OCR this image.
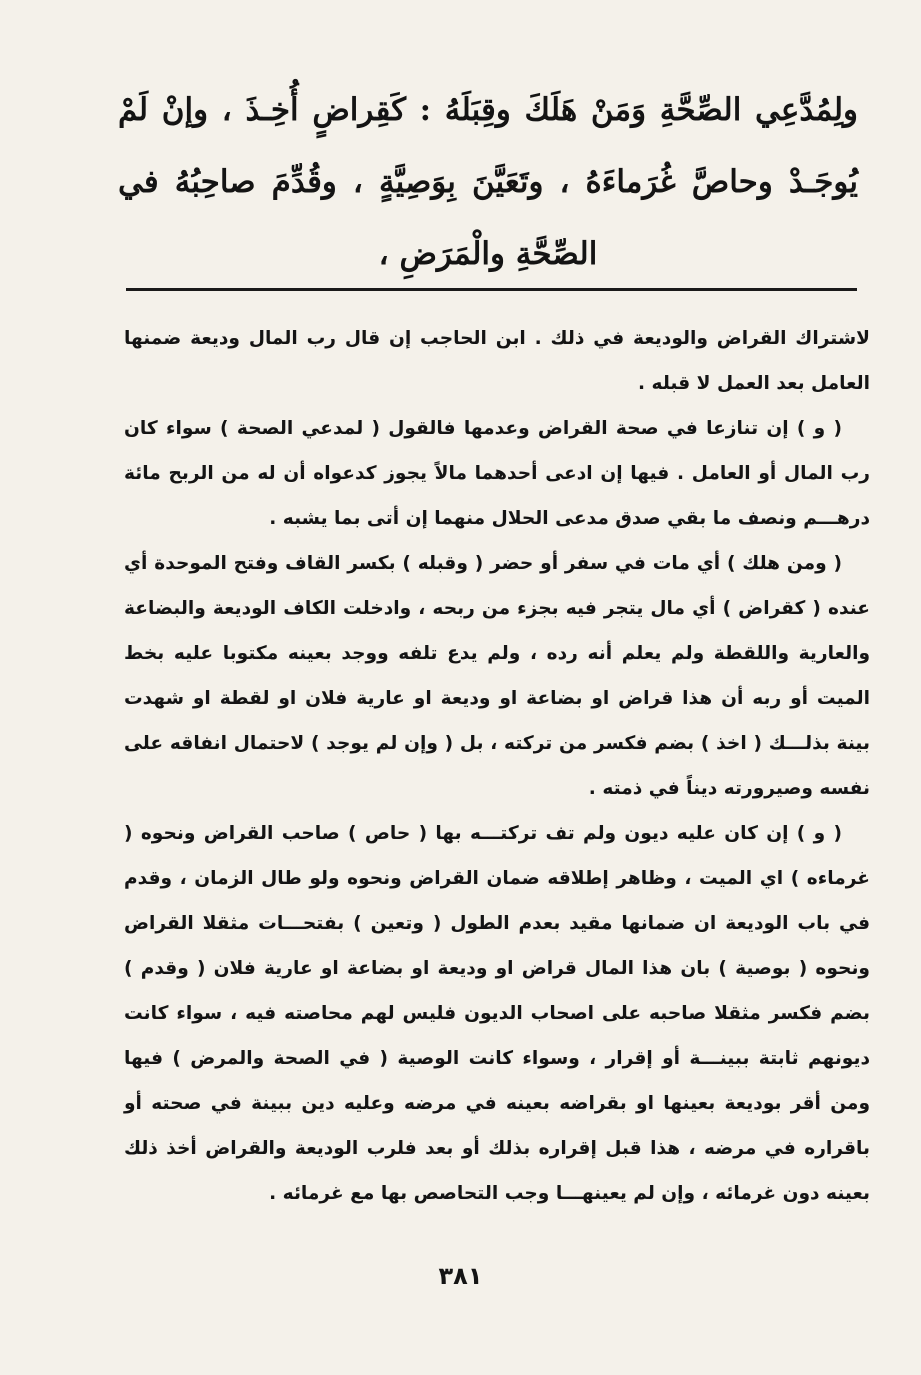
ولِمُدَّعِي الصِّحَّةِ وَمَنْ هَلَكَ وقِبَلَهُ : كَقِراضٍ أُخِـذَ ، وإنْ لَمْ يُوجَـدْ وحاصَّ غُرَماءَهُ ، وتَعَيَّنَ بِوَصِيَّةٍ ، وقُدِّمَ صاحِبُهُ في الصِّحَّةِ والْمَرَضِ ،

لاشتراك القراض والوديعة في ذلك . ابن الحاجب إن قال رب المال وديعة ضمنها العامل بعد العمل لا قبله .

( و ) إن تنازعا في صحة القراض وعدمها فالقول ( لمدعي الصحة ) سواء كان رب المال أو العامل . فيها إن ادعى أحدهما مالاً يجوز كدعواه أن له من الربح مائة درهـــم ونصف ما بقي صدق مدعى الحلال منهما إن أتى بما يشبه .

( ومن هلك ) أي مات في سفر أو حضر ( وقبله ) بكسر القاف وفتح الموحدة أي عنده ( كقراض ) أي مال يتجر فيه بجزء من ربحه ، وادخلت الكاف الوديعة والبضاعة والعارية واللقطة ولم يعلم أنه رده ، ولم يدع تلفه ووجد بعينه مكتوبا عليه بخط الميت أو ربه أن هذا قراض او بضاعة او وديعة او عارية فلان او لقطة او شهدت بينة بذلـــك ( اخذ ) بضم فكسر من تركته ، بل ( وإن لم يوجد ) لاحتمال انفاقه على نفسه وصيرورته ديناً في ذمته .

( و ) إن كان عليه ديون ولم تف تركتـــه بها ( حاص ) صاحب القراض ونحوه ( غرماءه ) اي الميت ، وظاهر إطلاقه ضمان القراض ونحوه ولو طال الزمان ، وقدم في باب الوديعة ان ضمانها مقيد بعدم الطول ( وتعين ) بفتحـــات مثقلا القراض ونحوه ( بوصية ) بان هذا المال قراض او وديعة او بضاعة او عارية فلان ( وقدم ) بضم فكسر مثقلا صاحبه على اصحاب الديون فليس لهم محاصته فيه ، سواء كانت ديونهم ثابتة ببينـــة أو إقرار ، وسواء كانت الوصية ( في الصحة والمرض ) فيها ومن أقر بوديعة بعينها او بقراضه بعينه في مرضه وعليه دين ببينة في صحته أو باقراره في مرضه ، هذا قبل إقراره بذلك أو بعد فلرب الوديعة والقراض أخذ ذلك بعينه دون غرمائه ، وإن لم يعينهـــا وجب التحاصص بها مع غرمائه .

٣٨١
